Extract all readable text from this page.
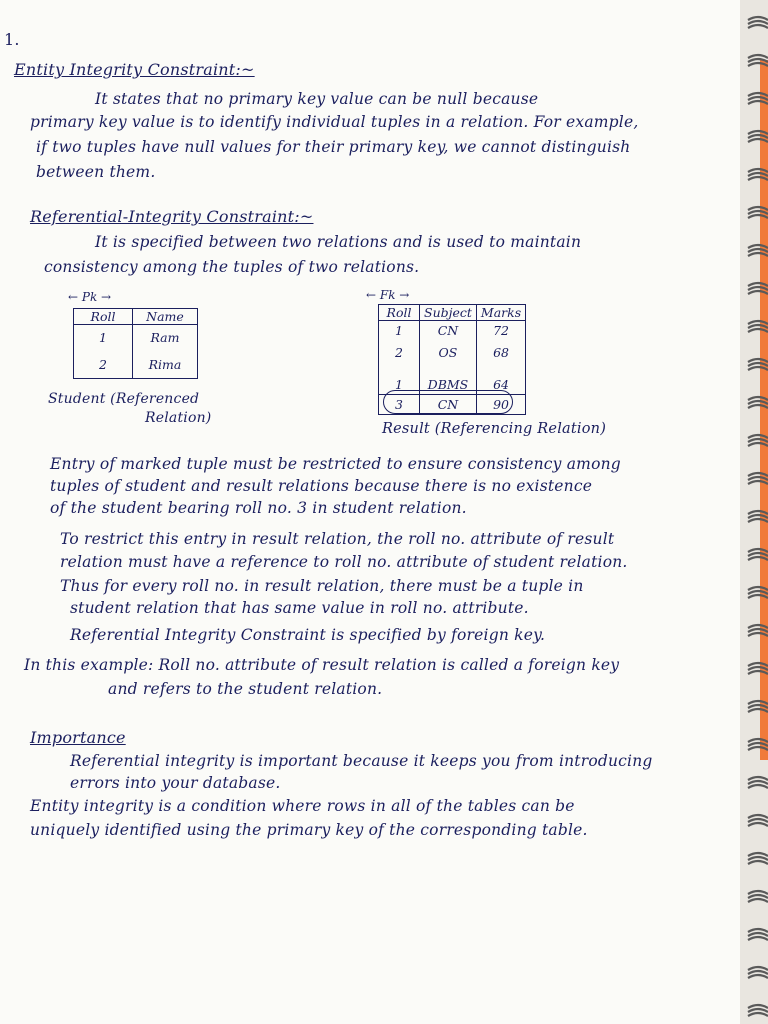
1.
Entity Integrity Constraint:~
It states that no primary key value can be null because
primary key value is to identify individual tuples in a relation. For example,
if two tuples have null values for their primary key, we cannot distinguish
between them.
Referential-Integrity Constraint:~
It is specified between two relations and is used to maintain
consistency among the tuples of two relations.
← Pk →
Roll	Name
1	Ram
2	Rima
Student (Referenced
Relation)
← Fk →
Roll	Subject	Marks
1	CN	72
2	OS	68

1	DBMS	64
3	CN	90
Result (Referencing Relation)
Entry of marked tuple must be restricted to ensure consistency among
tuples of student and result relations because there is no existence
of the student bearing roll no. 3 in student relation.
To restrict this entry in result relation, the roll no. attribute of result
relation must have a reference to roll no. attribute of student relation.
Thus for every roll no. in result relation, there must be a tuple in
student relation that has same value in roll no. attribute.
Referential Integrity Constraint is specified by foreign key.
In this example: Roll no. attribute of result relation is called a foreign key
and refers to the student relation.
Importance
Referential integrity is important because it keeps you from introducing
errors into your database.
Entity integrity is a condition where rows in all of the tables can be
uniquely identified using the primary key of the corresponding table.
